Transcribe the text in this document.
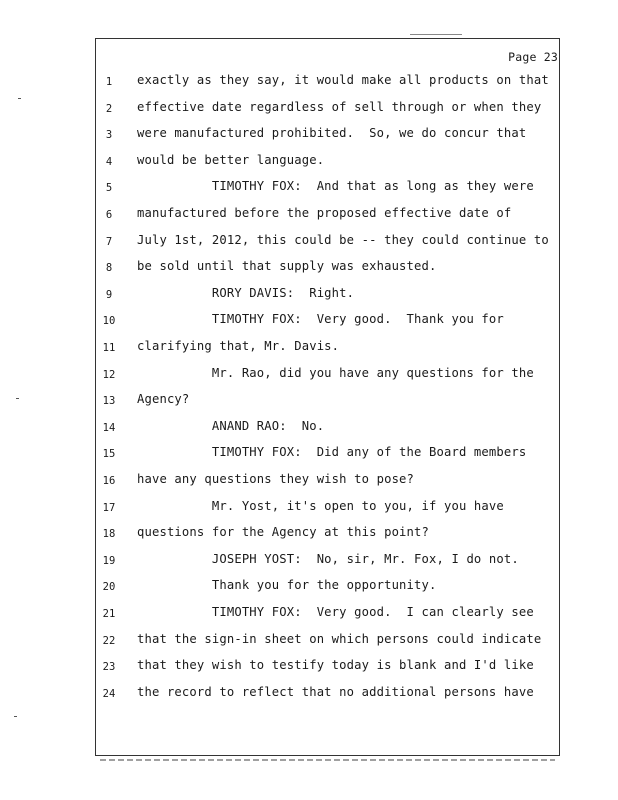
Page 23
1	exactly as they say, it would make all products on that
2	effective date regardless of sell through or when they
3	were manufactured prohibited.  So, we do concur that
4	would be better language.
5	TIMOTHY FOX:  And that as long as they were
6	manufactured before the proposed effective date of
7	July 1st, 2012, this could be -- they could continue to
8	be sold until that supply was exhausted.
9	RORY DAVIS:  Right.
10	TIMOTHY FOX:  Very good.  Thank you for
11	clarifying that, Mr. Davis.
12	Mr. Rao, did you have any questions for the
13	Agency?
14	ANAND RAO:  No.
15	TIMOTHY FOX:  Did any of the Board members
16	have any questions they wish to pose?
17	Mr. Yost, it's open to you, if you have
18	questions for the Agency at this point?
19	JOSEPH YOST:  No, sir, Mr. Fox, I do not.
20	Thank you for the opportunity.
21	TIMOTHY FOX:  Very good.  I can clearly see
22	that the sign-in sheet on which persons could indicate
23	that they wish to testify today is blank and I'd like
24	the record to reflect that no additional persons have
